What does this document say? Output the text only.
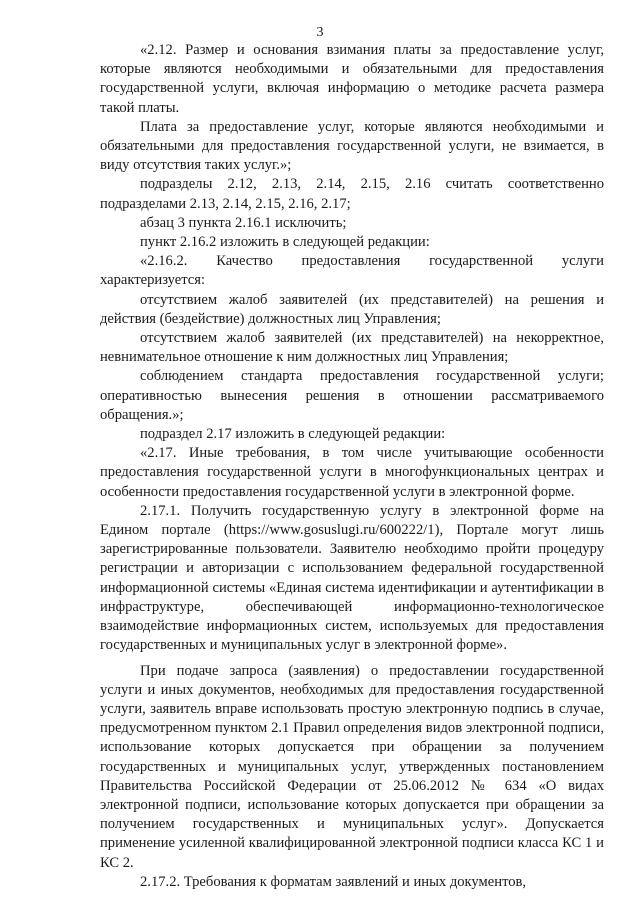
3

«2.12. Размер и основания взимания платы за предоставление услуг, которые являются необходимыми и обязательными для предоставления государственной услуги, включая информацию о методике расчета размера такой платы.

Плата за предоставление услуг, которые являются необходимыми и обязательными для предоставления государственной услуги, не взимается, в виду отсутствия таких услуг.»;

подразделы 2.12, 2.13, 2.14, 2.15, 2.16 считать соответственно подразделами 2.13, 2.14, 2.15, 2.16, 2.17;

абзац 3 пункта 2.16.1 исключить;

пункт 2.16.2 изложить в следующей редакции:

«2.16.2. Качество предоставления государственной услуги характеризуется:

отсутствием жалоб заявителей (их представителей) на решения и действия (бездействие) должностных лиц Управления;

отсутствием жалоб заявителей (их представителей) на некорректное, невнимательное отношение к ним должностных лиц Управления;

соблюдением стандарта предоставления государственной услуги; оперативностью вынесения решения в отношении рассматриваемого обращения.»;

подраздел 2.17 изложить в следующей редакции:

«2.17. Иные требования, в том числе учитывающие особенности предоставления государственной услуги в многофункциональных центрах и особенности предоставления государственной услуги в электронной форме.

2.17.1. Получить государственную услугу в электронной форме на Едином портале (https://www.gosuslugi.ru/600222/1), Портале могут лишь зарегистрированные пользователи. Заявителю необходимо пройти процедуру регистрации и авторизации с использованием федеральной государственной информационной системы «Единая система идентификации и аутентификации в инфраструктуре, обеспечивающей информационно-технологическое взаимодействие информационных систем, используемых для предоставления государственных и муниципальных услуг в электронной форме».

При подаче запроса (заявления) о предоставлении государственной услуги и иных документов, необходимых для предоставления государственной услуги, заявитель вправе использовать простую электронную подпись в случае, предусмотренном пунктом 2.1 Правил определения видов электронной подписи, использование которых допускается при обращении за получением государственных и муниципальных услуг, утвержденных постановлением Правительства Российской Федерации от 25.06.2012 № 634 «О видах электронной подписи, использование которых допускается при обращении за получением государственных и муниципальных услуг». Допускается применение усиленной квалифицированной электронной подписи класса КС 1 и КС 2.

2.17.2. Требования к форматам заявлений и иных документов,
